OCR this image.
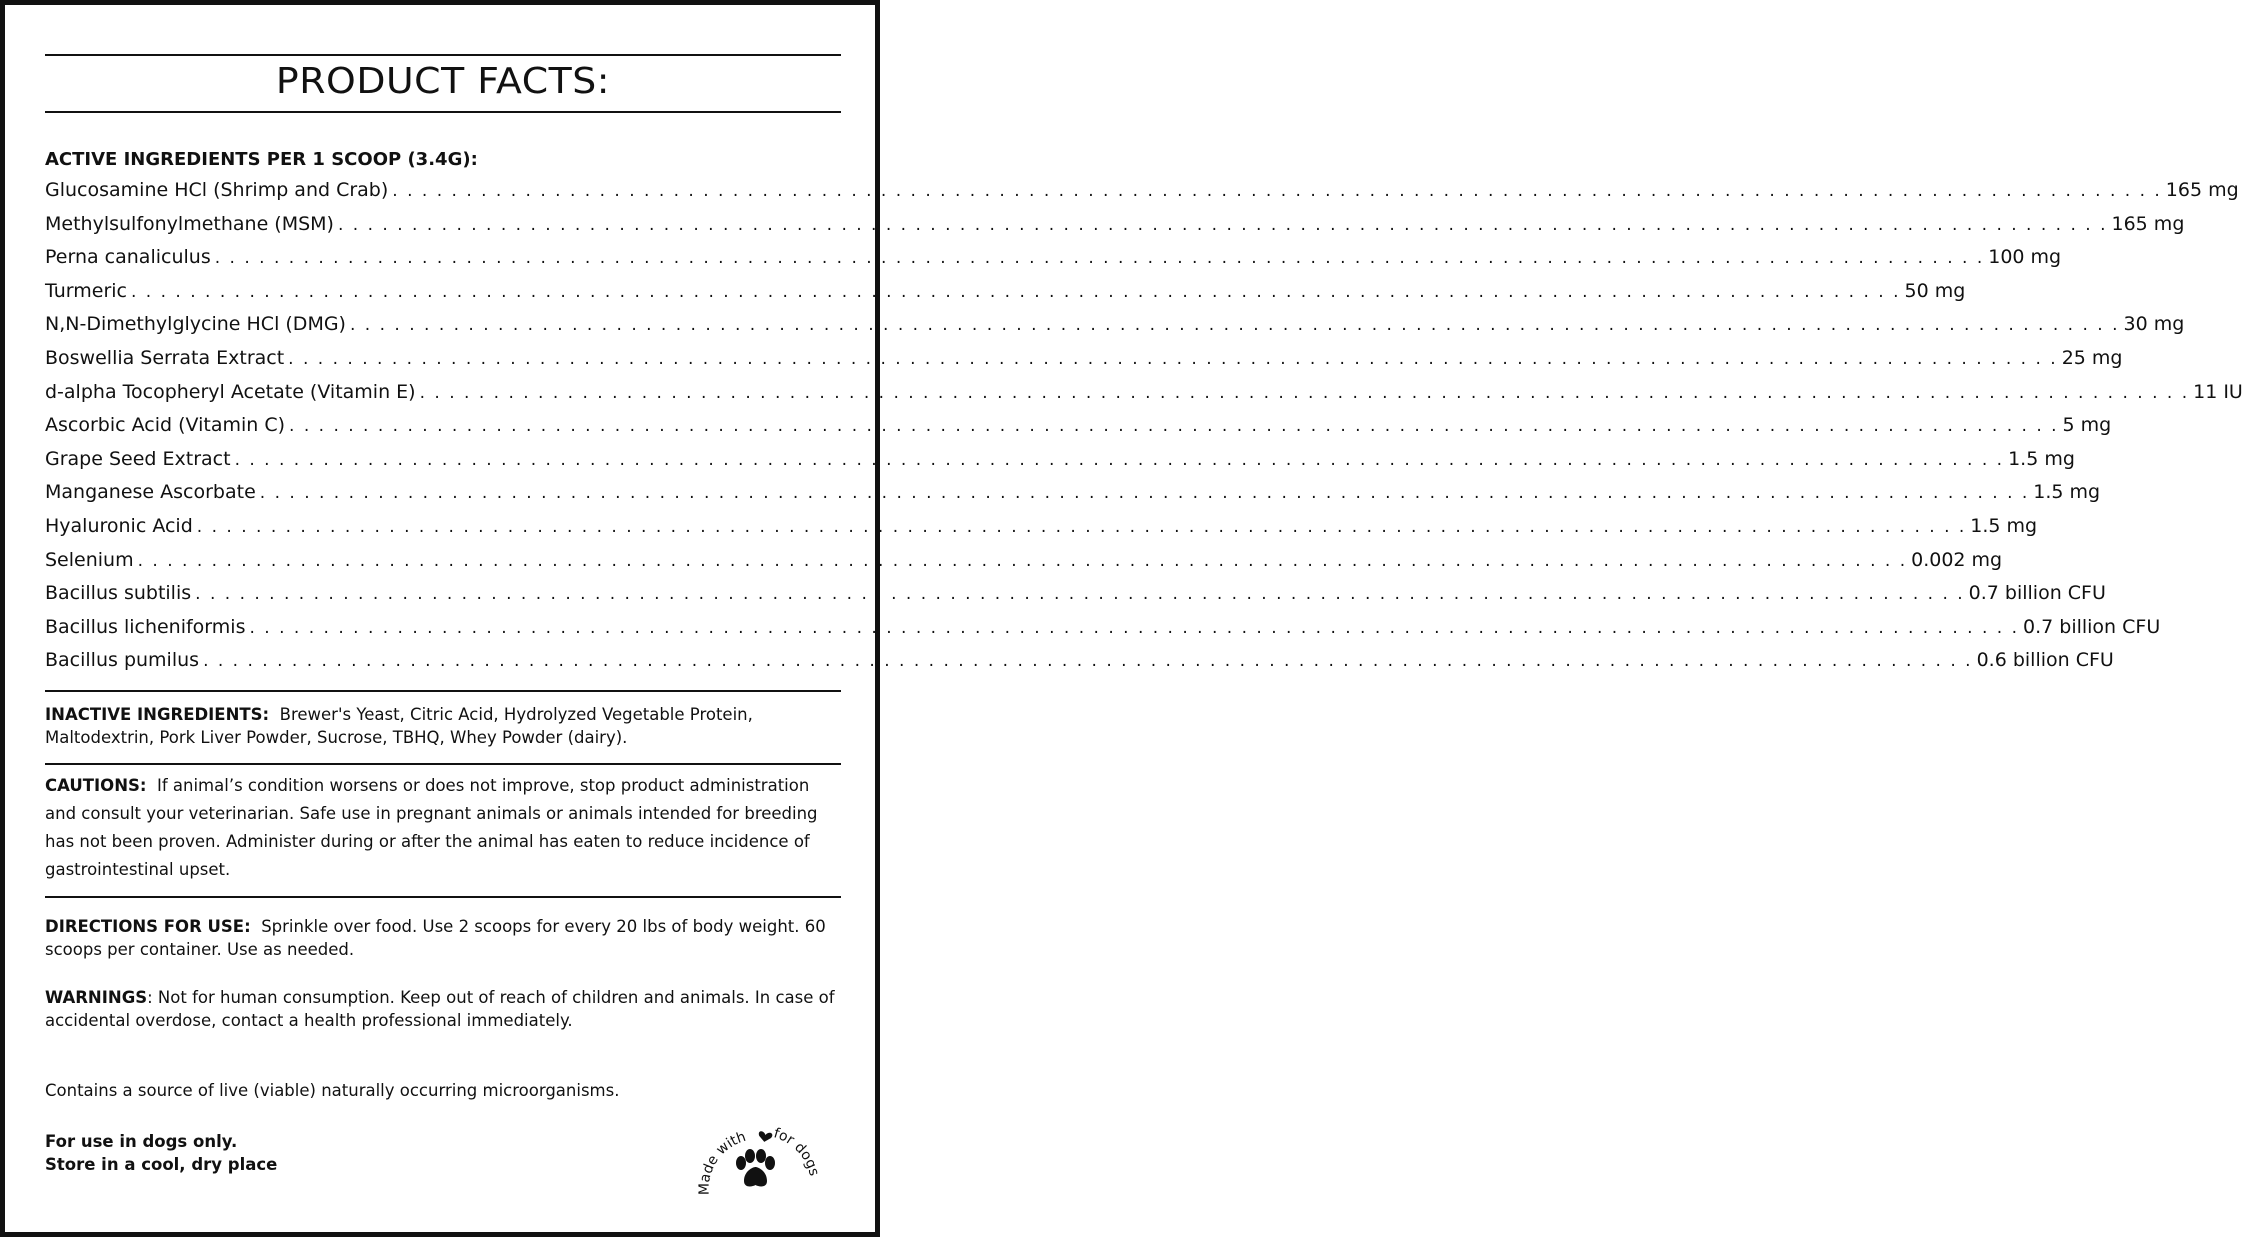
PRODUCT FACTS:
ACTIVE INGREDIENTS PER 1 SCOOP (3.4G):
Glucosamine HCl (Shrimp and Crab) . . . . . . . . . . . . . . . . . . . . . . . . . . . . . . . . . . . . . . . . . . . . . . . . . . . . . . . . . . . . . . . . . . . . . . . . . . . . . . . . . . . . . . . . . . . . . . . . . . . . . . . . . . . . . . . . . . . . . . . . 165 mg
Methylsulfonylmethane (MSM) . . . . . . . . . . . . . . . . . . . . . . . . . . . . . . . . . . . . . . . . . . . . . . . . . . . . . . . . . . . . . . . . . . . . . . . . . . . . . . . . . . . . . . . . . . . . . . . . . . . . . . . . . . . . . . . . . . . . . . . . 165 mg
Perna canaliculus . . . . . . . . . . . . . . . . . . . . . . . . . . . . . . . . . . . . . . . . . . . . . . . . . . . . . . . . . . . . . . . . . . . . . . . . . . . . . . . . . . . . . . . . . . . . . . . . . . . . . . . . . . . . . . . . . . . . . . . . 100 mg
Turmeric . . . . . . . . . . . . . . . . . . . . . . . . . . . . . . . . . . . . . . . . . . . . . . . . . . . . . . . . . . . . . . . . . . . . . . . . . . . . . . . . . . . . . . . . . . . . . . . . . . . . . . . . . . . . . . . . . . . . . . . . 50 mg
N,N-Dimethylglycine HCl (DMG) . . . . . . . . . . . . . . . . . . . . . . . . . . . . . . . . . . . . . . . . . . . . . . . . . . . . . . . . . . . . . . . . . . . . . . . . . . . . . . . . . . . . . . . . . . . . . . . . . . . . . . . . . . . . . . . . . . . . . . . . 30 mg
Boswellia Serrata Extract . . . . . . . . . . . . . . . . . . . . . . . . . . . . . . . . . . . . . . . . . . . . . . . . . . . . . . . . . . . . . . . . . . . . . . . . . . . . . . . . . . . . . . . . . . . . . . . . . . . . . . . . . . . . . . . . . . . . . . . . 25 mg
d-alpha Tocopheryl Acetate (Vitamin E) . . . . . . . . . . . . . . . . . . . . . . . . . . . . . . . . . . . . . . . . . . . . . . . . . . . . . . . . . . . . . . . . . . . . . . . . . . . . . . . . . . . . . . . . . . . . . . . . . . . . . . . . . . . . . . . . . . . . . . . . 11 IU
Ascorbic Acid (Vitamin C) . . . . . . . . . . . . . . . . . . . . . . . . . . . . . . . . . . . . . . . . . . . . . . . . . . . . . . . . . . . . . . . . . . . . . . . . . . . . . . . . . . . . . . . . . . . . . . . . . . . . . . . . . . . . . . . . . . . . . . . . 5 mg
Grape Seed Extract . . . . . . . . . . . . . . . . . . . . . . . . . . . . . . . . . . . . . . . . . . . . . . . . . . . . . . . . . . . . . . . . . . . . . . . . . . . . . . . . . . . . . . . . . . . . . . . . . . . . . . . . . . . . . . . . . . . . . . . . 1.5 mg
Manganese Ascorbate . . . . . . . . . . . . . . . . . . . . . . . . . . . . . . . . . . . . . . . . . . . . . . . . . . . . . . . . . . . . . . . . . . . . . . . . . . . . . . . . . . . . . . . . . . . . . . . . . . . . . . . . . . . . . . . . . . . . . . . . 1.5 mg
Hyaluronic Acid . . . . . . . . . . . . . . . . . . . . . . . . . . . . . . . . . . . . . . . . . . . . . . . . . . . . . . . . . . . . . . . . . . . . . . . . . . . . . . . . . . . . . . . . . . . . . . . . . . . . . . . . . . . . . . . . . . . . . . . . 1.5 mg
Selenium . . . . . . . . . . . . . . . . . . . . . . . . . . . . . . . . . . . . . . . . . . . . . . . . . . . . . . . . . . . . . . . . . . . . . . . . . . . . . . . . . . . . . . . . . . . . . . . . . . . . . . . . . . . . . . . . . . . . . . . . 0.002 mg
Bacillus subtilis . . . . . . . . . . . . . . . . . . . . . . . . . . . . . . . . . . . . . . . . . . . . . . . . . . . . . . . . . . . . . . . . . . . . . . . . . . . . . . . . . . . . . . . . . . . . . . . . . . . . . . . . . . . . . . . . . . . . . . . . 0.7 billion CFU
Bacillus licheniformis . . . . . . . . . . . . . . . . . . . . . . . . . . . . . . . . . . . . . . . . . . . . . . . . . . . . . . . . . . . . . . . . . . . . . . . . . . . . . . . . . . . . . . . . . . . . . . . . . . . . . . . . . . . . . . . . . . . . . . . . 0.7 billion CFU
Bacillus pumilus . . . . . . . . . . . . . . . . . . . . . . . . . . . . . . . . . . . . . . . . . . . . . . . . . . . . . . . . . . . . . . . . . . . . . . . . . . . . . . . . . . . . . . . . . . . . . . . . . . . . . . . . . . . . . . . . . . . . . . . . 0.6 billion CFU
INACTIVE INGREDIENTS: Brewer's Yeast, Citric Acid, Hydrolyzed Vegetable Protein, Maltodextrin, Pork Liver Powder, Sucrose, TBHQ, Whey Powder (dairy).
CAUTIONS: If animal’s condition worsens or does not improve, stop product administration and consult your veterinarian. Safe use in pregnant animals or animals intended for breeding has not been proven. Administer during or after the animal has eaten to reduce incidence of gastrointestinal upset.
DIRECTIONS FOR USE: Sprinkle over food. Use 2 scoops for every 20 lbs of body weight. 60 scoops per container. Use as needed.
WARNINGS: Not for human consumption. Keep out of reach of children and animals. In case of accidental overdose, contact a health professional immediately.
Contains a source of live (viable) naturally occurring microorganisms.
For use in dogs only.
Store in a cool, dry place
Made with for dogs
